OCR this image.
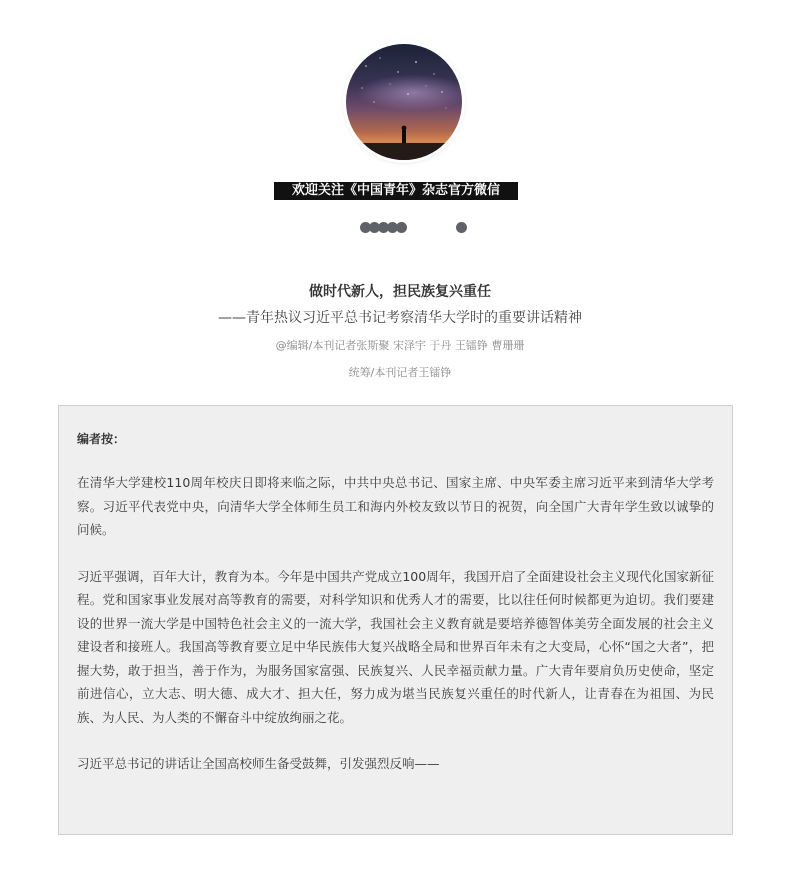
欢迎关注《中国青年》杂志官方微信
做时代新人，担民族复兴重任
——青年热议习近平总书记考察清华大学时的重要讲话精神
@编辑/本刊记者张斯聚 宋泽宇 于丹 王镭铮 曹珊珊
统筹/本刊记者王镭铮

编者按：

在清华大学建校110周年校庆日即将来临之际，中共中央总书记、国家主席、中央军委主席习近平来到清华大学考察。习近平代表党中央，向清华大学全体师生员工和海内外校友致以节日的祝贺，向全国广大青年学生致以诚挚的问候。

习近平强调，百年大计，教育为本。今年是中国共产党成立100周年，我国开启了全面建设社会主义现代化国家新征程。党和国家事业发展对高等教育的需要，对科学知识和优秀人才的需要，比以往任何时候都更为迫切。我们要建设的世界一流大学是中国特色社会主义的一流大学，我国社会主义教育就是要培养德智体美劳全面发展的社会主义建设者和接班人。我国高等教育要立足中华民族伟大复兴战略全局和世界百年未有之大变局，心怀“国之大者”，把握大势，敢于担当，善于作为，为服务国家富强、民族复兴、人民幸福贡献力量。广大青年要肩负历史使命，坚定前进信心，立大志、明大德、成大才、担大任，努力成为堪当民族复兴重任的时代新人，让青春在为祖国、为民族、为人民、为人类的不懈奋斗中绽放绚丽之花。

习近平总书记的讲话让全国高校师生备受鼓舞，引发强烈反响——
